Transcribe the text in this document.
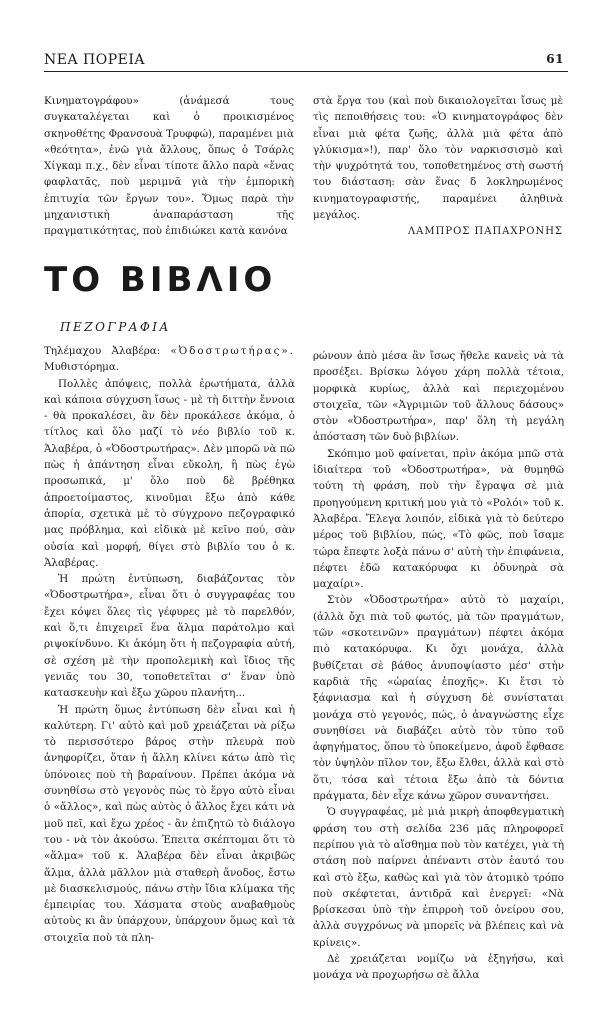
ΝΕΑ ΠΟΡΕΙΑ	61

Κινηματογράφου» (ἀνάμεσά τους συγκαταλέγεται καὶ ὁ προικισμένος σκηνοθέτης Φρανσουὰ Τρυφφώ), παραμένει μιὰ «θεότητα», ἐνῶ γιὰ ἄλλους, ὅπως ὁ Τσάρλς Χίγκαμ π.χ., δὲν εἶναι τίποτε ἄλλο παρὰ «ἕνας φαφλατᾶς, ποὺ μεριμνᾶ γιὰ τὴν ἐμπορικὴ ἐπιτυχία τῶν ἔργων του». Ὅμως παρὰ τὴν μηχανιστικὴ ἀναπαράσταση τῆς πραγματικότητας, ποὺ ἐπιδιώκει κατὰ κανόνα

στὰ ἔργα του (καὶ ποὺ δικαιολογεῖται ἴσως μὲ τὶς πεποιθήσεις του: «Ὁ κινηματογράφος δὲν εἶναι μιὰ φέτα ζωῆς, ἀλλὰ μιὰ φέτα ἀπὸ γλύκισμα»!), παρ' ὅλο τὸν ναρκισσισμὸ καὶ τὴν ψυχρότητά του, τοποθετημένος στὴ σωστή του διάσταση: σὰν ἕνας δ λοκληρωμένος κινηματογραφιστής, παραμένει ἀληθινὰ μεγάλος.

ΛΑΜΠΡΟΣ ΠΑΠΑΧΡΟΝΗΣ
ΤΟ ΒΙΒΛΙΟ
ΠΕΖΟΓΡΑΦΙΑ

Τηλέμαχου Ἀλαβέρα: «Ὀδοστρωτήρας». Μυθιστόρημα.

Πολλὲς ἀπόψεις, πολλὰ ἐρωτήματα, ἀλλὰ καὶ κάποια σύγχυση ἴσως - μὲ τὴ διττὴν ἔννοια - θὰ προκαλέσει, ἂν δὲν προκάλεσε ἀκόμα, ὁ τίτλος καὶ ὅλο μαζί τὸ νέο βιβλίο τοῦ κ. Ἀλαβέρα, ὁ «Ὀδοστρωτήρας». Δὲν μπορῶ νὰ πῶ πὼς ἡ ἀπάντηση εἶναι εὔκολη, ἢ πὼς ἐγὼ προσωπικά, μ' ὅλο ποὺ δὲ βρέθηκα ἀπροετοίμαστος, κινοῦμαι ἔξω ἀπὸ κάθε ἀπορία, σχετικὰ μὲ τὸ σύγχρονο πεζογραφικό μας πρόβλημα, καὶ εἰδικὰ μὲ κεῖνο πού, σὰν οὐσία καὶ μορφή, θίγει στὸ βιβλίο του ὁ κ. Ἀλαβέρας.

Ἡ πρώτη ἐντύπωση, διαβάζοντας τὸν «Ὀδοστρωτήρα», εἶναι ὅτι ὁ συγγραφέας του ἔχει κόψει ὅλες τὶς γέφυρες μὲ τὸ παρελθόν, καὶ ὅ,τι ἐπιχειρεῖ ἕνα ἅλμα παράτολμο καὶ ριψοκίνδυνο. Κι ἀκόμη ὅτι ἡ πεζογραφία αὐτή, σὲ σχέση μὲ τὴν προπολεμικὴ καὶ ἴδιος τῆς γενιᾶς του 30, τοποθετεῖται σ' ἕναν ὑπὸ κατασκευὴν καὶ ἔξω χῶρου πλανήτη...

Ἡ πρώτη ὅμως ἐντύπωση δὲν εἶναι καὶ ἡ καλύτερη. Γι' αὐτὸ καὶ μοῦ χρειάζεται νὰ ρίξω τὸ περισσότερο βάρος στὴν πλευρὰ ποὺ ἀνηφορίζει, ὅταν ἡ ἄλλη κλίνει κάτω ἀπὸ τὶς ὑπόνοιες ποὺ τὴ βαραίνουν. Πρέπει ἀκόμα νὰ συνηθίσω στὸ γεγονὸς πὼς τὸ ἔργο αὐτὸ εἶναι ὁ «ἄλλος», καὶ πὼς αὐτὸς ὁ ἄλλος ἔχει κάτι νὰ μοῦ πεῖ, καὶ ἔχω χρέος - ἂν ἐπιζητῶ τὸ διάλογο του - νὰ τὸν ἀκούσω. Ἐπειτα σκέπτομαι ὅτι τὸ «ἅλμα» τοῦ κ. Ἀλαβέρα δὲν εἶναι ἀκριβῶς ἅλμα, ἀλλὰ μᾶλλον μιὰ σταθερὴ ἄνοδος, ἔστω μὲ διασκελισμούς, πάνω στὴν ἴδια κλίμακα τῆς ἐμπειρίας του. Χάσματα στοὺς αναβαθμοὺς αὐτοὺς κι ἂν ὑπάρχουν, ὑπάρχουν ὅμως καὶ τὰ στοιχεῖα ποὺ τὰ πλη-

ρώνουν ἀπὸ μέσα ἂν ἴσως ἤθελε κανεὶς νὰ τὰ προσέξει. Βρίσκω λόγου χάρη πολλὰ τέτοια, μορφικὰ κυρίως, ἀλλὰ καὶ περιεχομένου στοιχεῖα, τῶν «Ἀγριμιῶν τοῦ ἄλλους δάσους» στὸν «Ὀδοστρωτήρα», παρ' ὅλη τὴ μεγάλη ἀπόσταση τῶν δυὸ βιβλίων.

Σκόπιμο μοῦ φαίνεται, πρὶν ἀκόμα μπῶ στὰ ἰδιαίτερα τοῦ «Ὀδοστρωτήρα», νὰ θυμηθῶ τούτη τὴ φράση, ποὺ τὴν ἔγραψα σὲ μιὰ προηγούμενη κριτική μου γιὰ τὸ «Ρολόι» τοῦ κ. Ἀλαβέρα. Ἔλεγα λοιπόν, εἰδικὰ γιὰ τὸ δεύτερο μέρος τοῦ βιβλίου, πώς, «Τὸ φῶς, ποὺ ἴσαμε τώρα ἔπεφτε λοξὰ πάνω σ' αὐτὴ τὴν ἐπιφάνεια, πέφτει ἐδῶ κατακόρυφα κι ὀδυνηρὰ σὰ μαχαίρι».

Στὸν «Ὀδοστρωτήρα» αὐτὸ τὸ μαχαίρι, (ἀλλὰ ὄχι πιὰ τοῦ φωτός, μὰ τῶν πραγμάτων, τῶν «σκοτεινῶν» πραγμάτων) πέφτει ἀκόμα πιὸ κατακόρυφα. Κι ὄχι μονάχα, ἀλλὰ βυθίζεται σὲ βάθος ἀνυποψίαστο μέσ' στὴν καρδιὰ τῆς «ὡραίας ἐποχῆς». Κι ἔτσι τὸ ξάφνιασμα καὶ ἡ σύγχυση δὲ συνίσταται μονάχα στὸ γεγονός, πώς, ὁ ἀναγνώστης εἶχε συνηθίσει νὰ διαβάζει αὐτὸ τὸν τύπο τοῦ ἀφηγήματος, ὅπου τὸ ὑποκείμενο, ἀφοῦ ἔφθασε τὸν ὑψηλὸν πῖλον τον, ἔξω ἔλθει, ἀλλὰ καὶ στὸ ὅτι, τόσα καὶ τέτοια ἔξω ἀπὸ τὰ δόντια πράγματα, δὲν εἶχε κάνω χῶρον συναντήσει.

Ὁ συγγραφέας, μὲ μιὰ μικρὴ ἀποφθεγματικὴ φράση του στὴ σελίδα 236 μᾶς πληροφορεῖ περίπου γιὰ τὸ αἴσθημα ποὺ τὸν κατέχει, γιὰ τὴ στάση ποὺ παίρνει ἀπέναντι στὸν ἑαυτό του καὶ στὸ ἔξω, καθὼς καὶ γιὰ τὸν ἀτομικὸ τρόπο ποὺ σκέφτεται, ἀντιδρᾶ καὶ ἐνεργεῖ: «Νὰ βρίσκεσαι ὑπὸ τὴν ἐπιρροὴ τοῦ ὀνείρου σου, ἀλλὰ συγχρόνως νὰ μπορεῖς νὰ βλέπεις καὶ νὰ κρίνεις».

Δὲ χρειάζεται νομίζω νὰ ἐξηγήσω, καὶ μονάχα νὰ προχωρήσω σὲ ἄλλα
